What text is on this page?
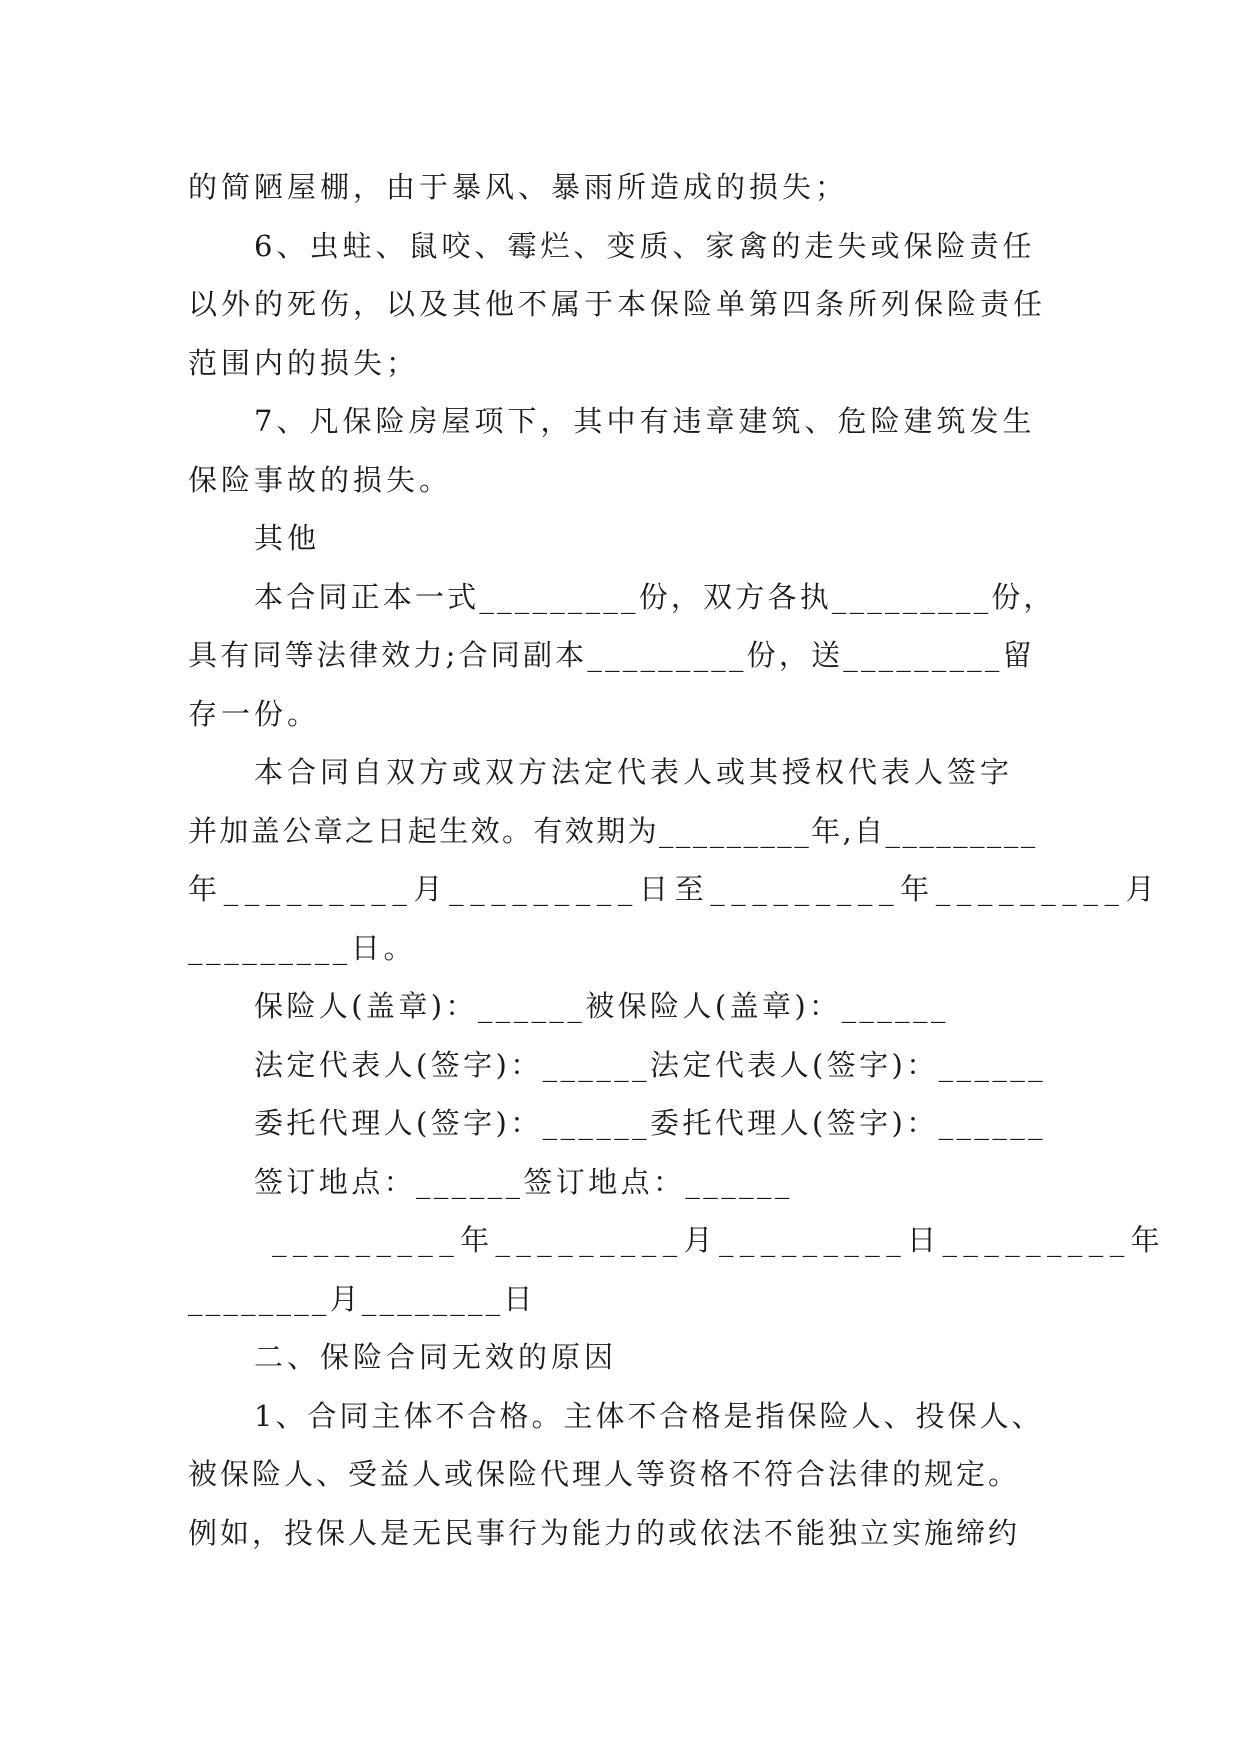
的简陋屋棚，由于暴风、暴雨所造成的损失；
6、虫蛀、鼠咬、霉烂、变质、家禽的走失或保险责任
以外的死伤，以及其他不属于本保险单第四条所列保险责任
范围内的损失；
7、凡保险房屋项下，其中有违章建筑、危险建筑发生
保险事故的损失。
其他
本合同正本一式_________份，双方各执_________份，
具有同等法律效力;合同副本_________份，送_________留
存一份。
本合同自双方或双方法定代表人或其授权代表人签字
并加盖公章之日起生效。有效期为_________年,自_________
年_________月_________日至_________年_________月
_________日。
保险人(盖章)：______被保险人(盖章)：______
法定代表人(签字)：______法定代表人(签字)：______
委托代理人(签字)：______委托代理人(签字)：______
签订地点：______签订地点：______
_________年_________月_________日_________年
________月________日
二、保险合同无效的原因
1、合同主体不合格。主体不合格是指保险人、投保人、
被保险人、受益人或保险代理人等资格不符合法律的规定。
例如，投保人是无民事行为能力的或依法不能独立实施缔约
